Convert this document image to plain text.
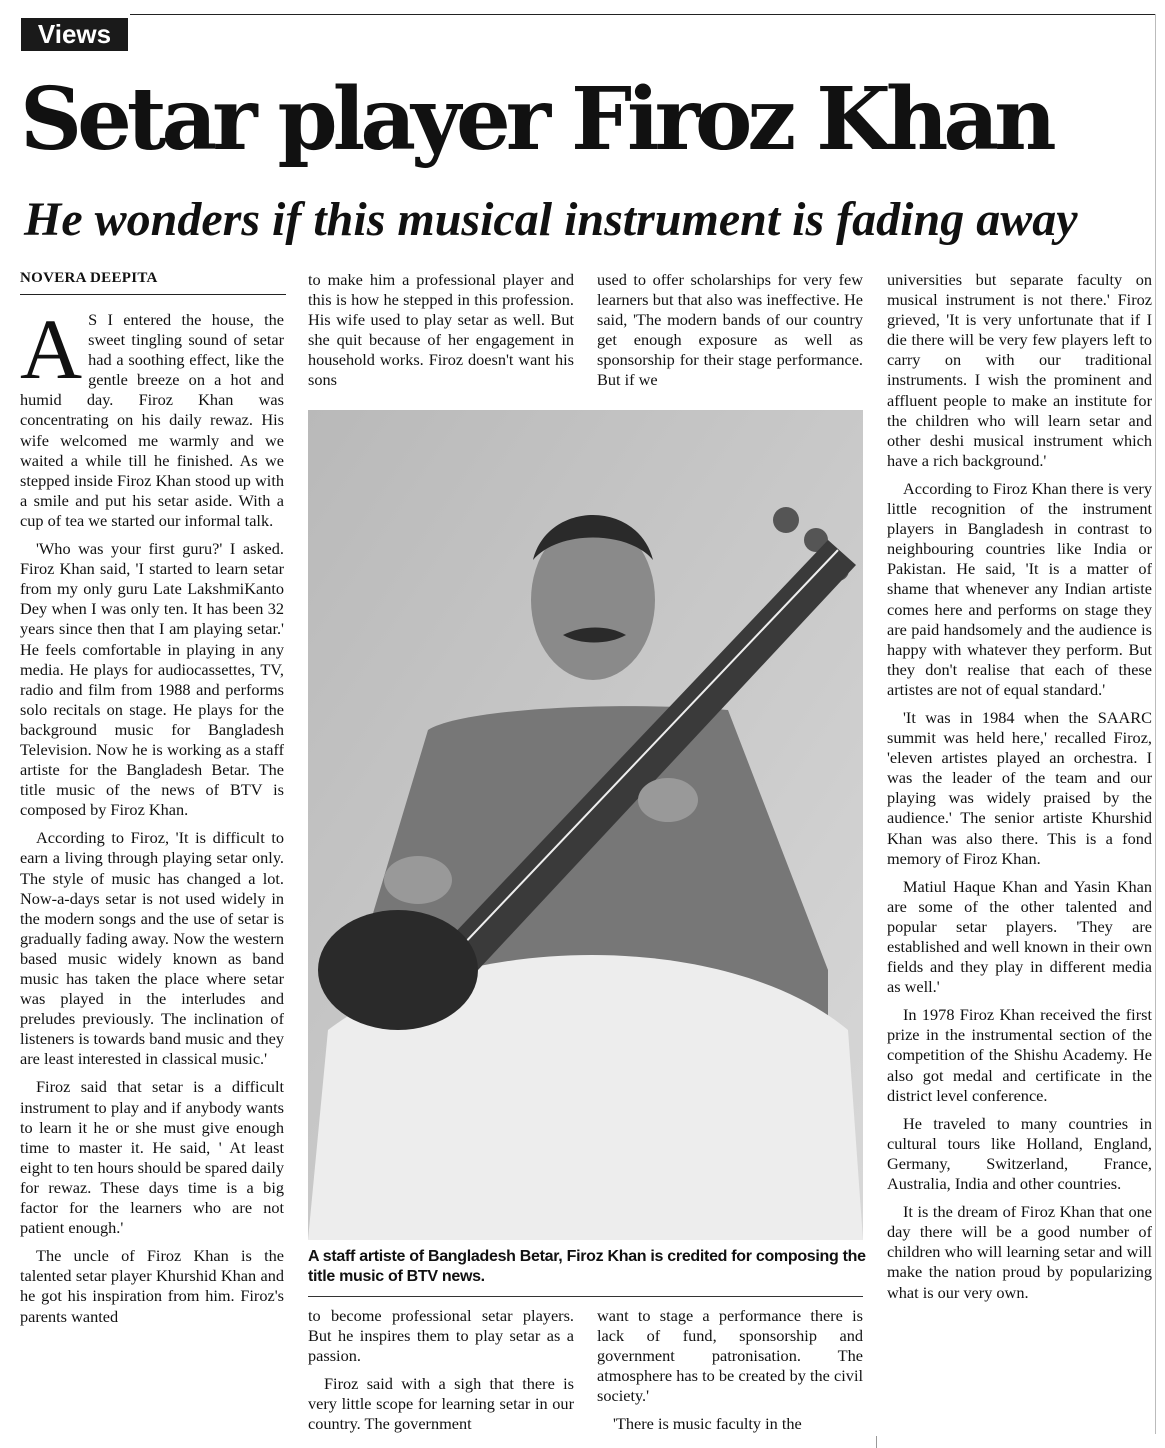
Views
Setar player Firoz Khan
He wonders if this musical instrument is fading away
NOVERA DEEPITA

A S I entered the house, the sweet tingling sound of setar had a soothing effect, like the gentle breeze on a hot and humid day. Firoz Khan was concentrating on his daily rewaz. His wife welcomed me warmly and we waited a while till he finished. As we stepped inside Firoz Khan stood up with a smile and put his setar aside. With a cup of tea we started our informal talk.

'Who was your first guru?' I asked. Firoz Khan said, 'I started to learn setar from my only guru Late LakshmiKanto Dey when I was only ten. It has been 32 years since then that I am playing setar.' He feels comfortable in playing in any media. He plays for audiocassettes, TV, radio and film from 1988 and performs solo recitals on stage. He plays for the background music for Bangladesh Television. Now he is working as a staff artiste for the Bangladesh Betar. The title music of the news of BTV is composed by Firoz Khan.

According to Firoz, 'It is difficult to earn a living through playing setar only. The style of music has changed a lot. Now-a-days setar is not used widely in the modern songs and the use of setar is gradually fading away. Now the western based music widely known as band music has taken the place where setar was played in the interludes and preludes previously. The inclination of listeners is towards band music and they are least interested in classical music.'

Firoz said that setar is a difficult instrument to play and if anybody wants to learn it he or she must give enough time to master it. He said, ' At least eight to ten hours should be spared daily for rewaz. These days time is a big factor for the learners who are not patient enough.'

The uncle of Firoz Khan is the talented setar player Khurshid Khan and he got his inspiration from him. Firoz's parents wanted

to make him a professional player and this is how he stepped in this profession. His wife used to play setar as well. But she quit because of her engagement in household works. Firoz doesn't want his sons

used to offer scholarships for very few learners but that also was ineffective. He said, 'The modern bands of our country get enough exposure as well as sponsorship for their stage performance. But if we

A staff artiste of Bangladesh Betar, Firoz Khan is credited for composing the title music of BTV news.

to become professional setar players. But he inspires them to play setar as a passion.

Firoz said with a sigh that there is very little scope for learning setar in our country. The government

want to stage a performance there is lack of fund, sponsorship and government patronisation. The atmosphere has to be created by the civil society.'

'There is music faculty in the

universities but separate faculty on musical instrument is not there.' Firoz grieved, 'It is very unfortunate that if I die there will be very few players left to carry on with our traditional instruments. I wish the prominent and affluent people to make an institute for the children who will learn setar and other deshi musical instrument which have a rich background.'

According to Firoz Khan there is very little recognition of the instrument players in Bangladesh in contrast to neighbouring countries like India or Pakistan. He said, 'It is a matter of shame that whenever any Indian artiste comes here and performs on stage they are paid handsomely and the audience is happy with whatever they perform. But they don't realise that each of these artistes are not of equal standard.'

'It was in 1984 when the SAARC summit was held here,' recalled Firoz, 'eleven artistes played an orchestra. I was the leader of the team and our playing was widely praised by the audience.' The senior artiste Khurshid Khan was also there. This is a fond memory of Firoz Khan.

Matiul Haque Khan and Yasin Khan are some of the other talented and popular setar players. 'They are established and well known in their own fields and they play in different media as well.'

In 1978 Firoz Khan received the first prize in the instrumental section of the competition of the Shishu Academy. He also got medal and certificate in the district level conference.

He traveled to many countries in cultural tours like Holland, England, Germany, Switzerland, France, Australia, India and other countries.

It is the dream of Firoz Khan that one day there will be a good number of children who will learning setar and will make the nation proud by popularizing what is our very own.
